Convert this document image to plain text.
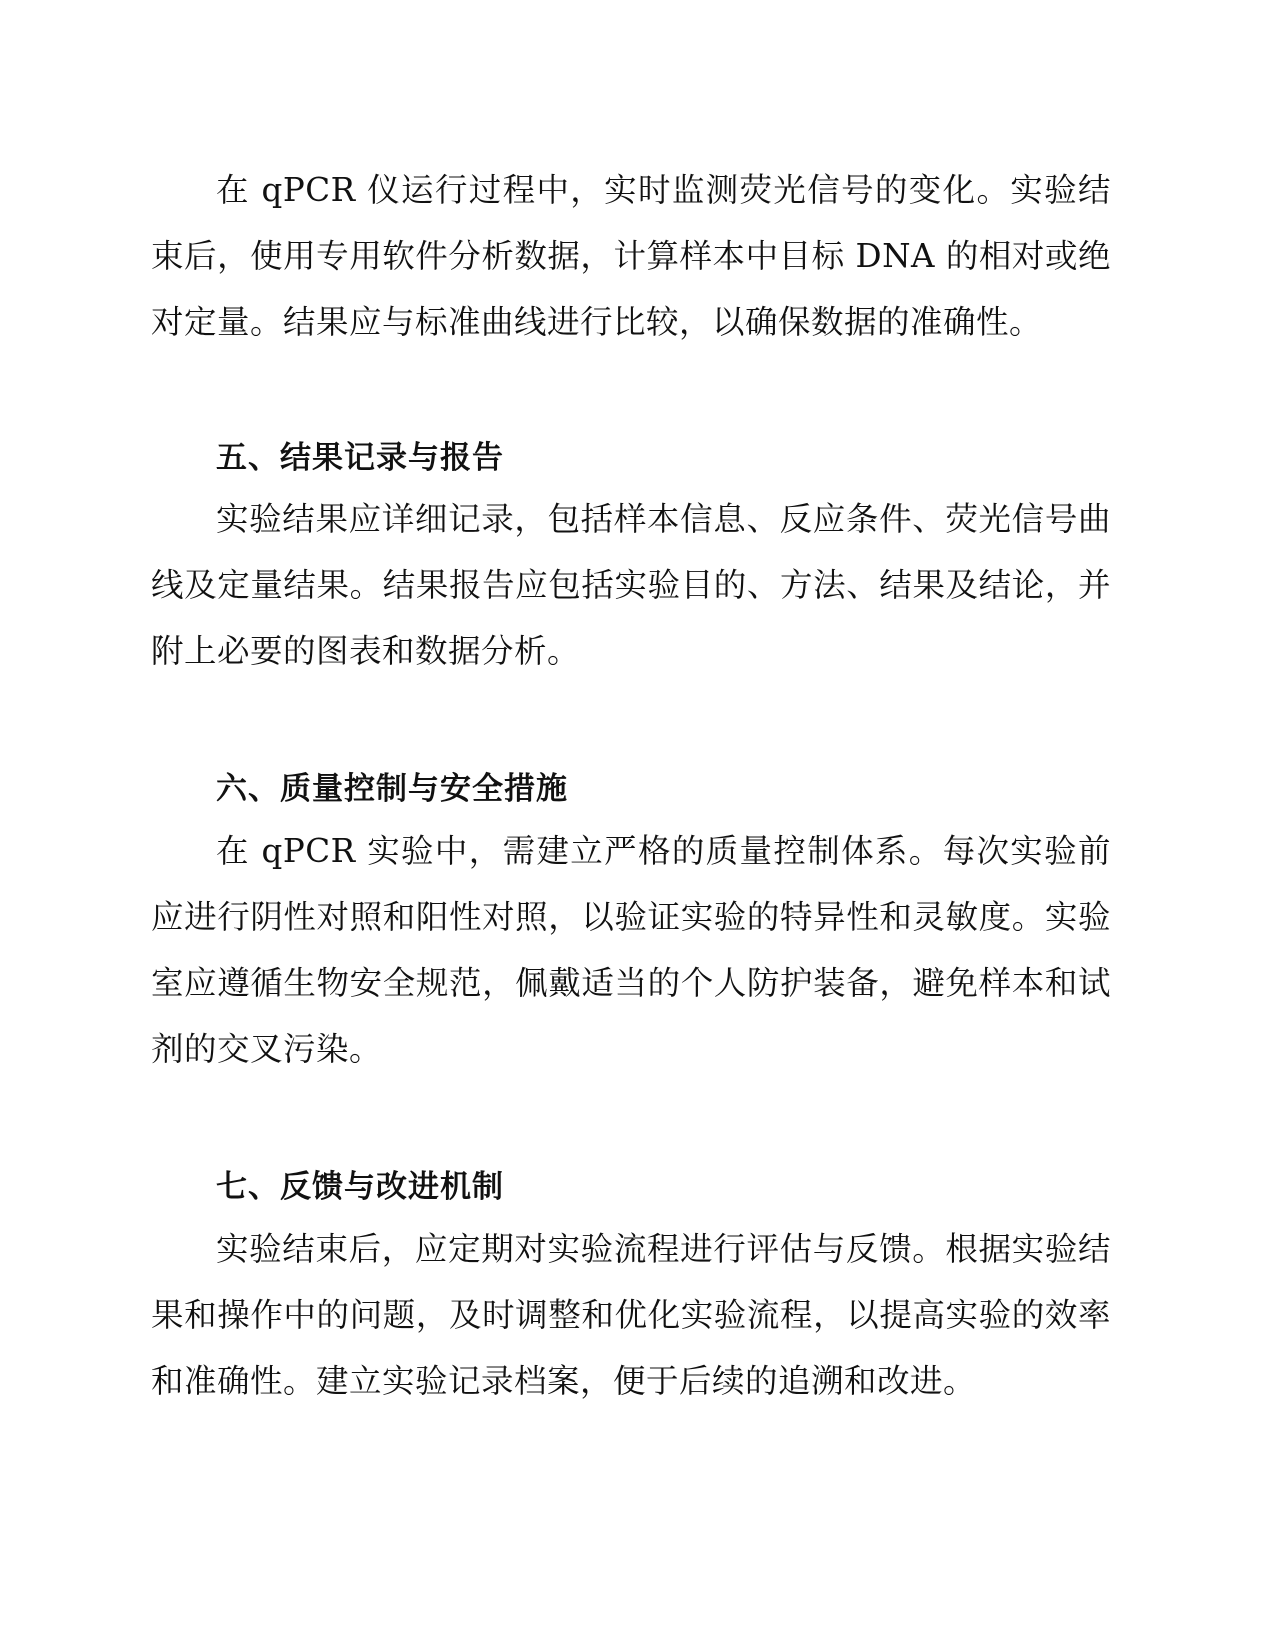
在 qPCR 仪运行过程中，实时监测荧光信号的变化。实验结束后，使用专用软件分析数据，计算样本中目标 DNA 的相对或绝对定量。结果应与标准曲线进行比较，以确保数据的准确性。

五、结果记录与报告

实验结果应详细记录，包括样本信息、反应条件、荧光信号曲线及定量结果。结果报告应包括实验目的、方法、结果及结论，并附上必要的图表和数据分析。

六、质量控制与安全措施

在 qPCR 实验中，需建立严格的质量控制体系。每次实验前应进行阴性对照和阳性对照，以验证实验的特异性和灵敏度。实验室应遵循生物安全规范，佩戴适当的个人防护装备，避免样本和试剂的交叉污染。

七、反馈与改进机制

实验结束后，应定期对实验流程进行评估与反馈。根据实验结果和操作中的问题，及时调整和优化实验流程，以提高实验的效率和准确性。建立实验记录档案，便于后续的追溯和改进。
